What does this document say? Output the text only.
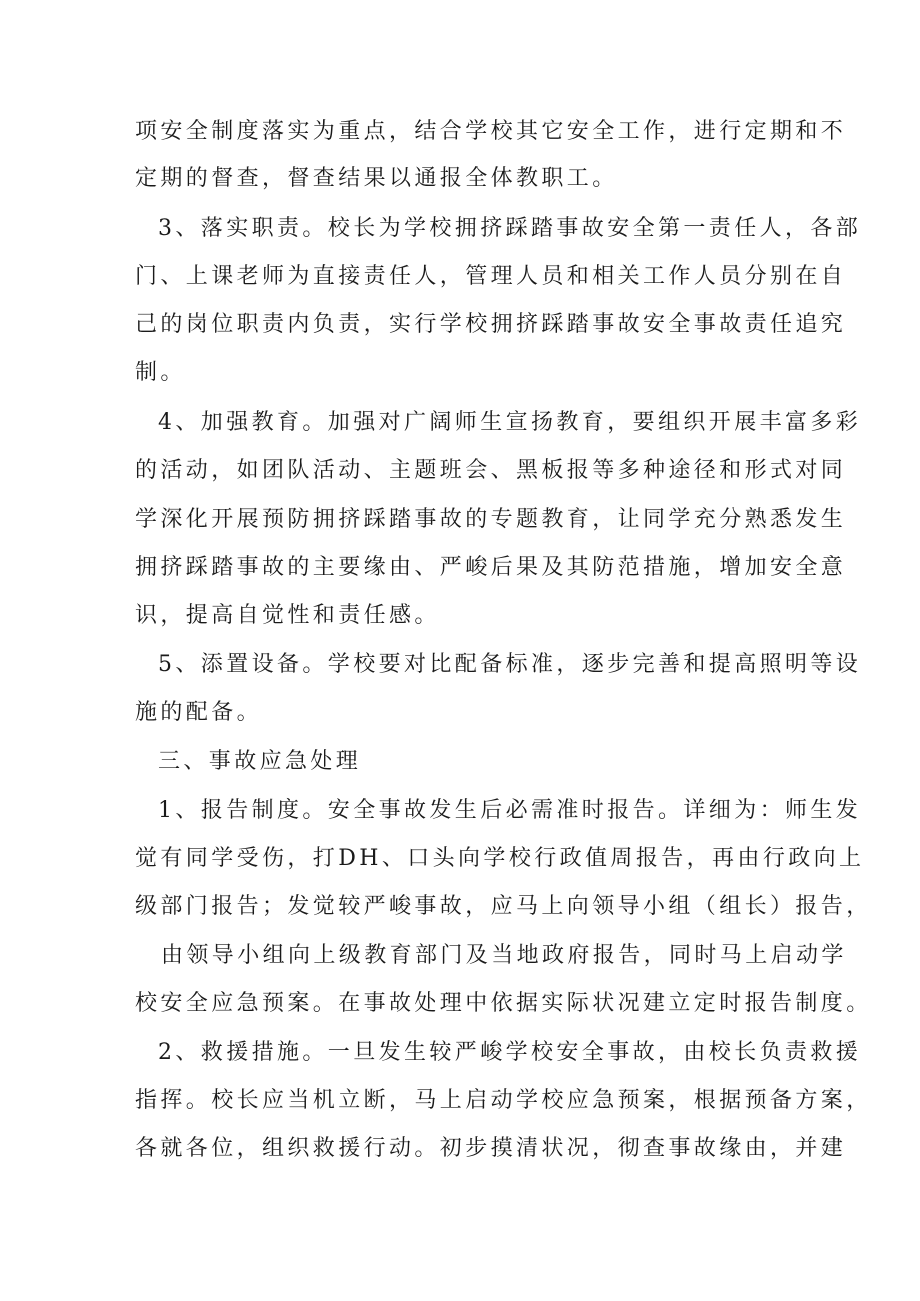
项安全制度落实为重点，结合学校其它安全工作，进行定期和不
定期的督查，督查结果以通报全体教职工。
3、落实职责。校长为学校拥挤踩踏事故安全第一责任人，各部
门、上课老师为直接责任人，管理人员和相关工作人员分别在自
己的岗位职责内负责，实行学校拥挤踩踏事故安全事故责任追究
制。
4、加强教育。加强对广阔师生宣扬教育，要组织开展丰富多彩
的活动，如团队活动、主题班会、黑板报等多种途径和形式对同
学深化开展预防拥挤踩踏事故的专题教育，让同学充分熟悉发生
拥挤踩踏事故的主要缘由、严峻后果及其防范措施，增加安全意
识，提高自觉性和责任感。
5、添置设备。学校要对比配备标准，逐步完善和提高照明等设
施的配备。
三、事故应急处理
1、报告制度。安全事故发生后必需准时报告。详细为：师生发
觉有同学受伤，打DH、口头向学校行政值周报告，再由行政向上
级部门报告；发觉较严峻事故，应马上向领导小组（组长）报告，
由领导小组向上级教育部门及当地政府报告，同时马上启动学
校安全应急预案。在事故处理中依据实际状况建立定时报告制度。
2、救援措施。一旦发生较严峻学校安全事故，由校长负责救援
指挥。校长应当机立断，马上启动学校应急预案，根据预备方案，
各就各位，组织救援行动。初步摸清状况，彻查事故缘由，并建
